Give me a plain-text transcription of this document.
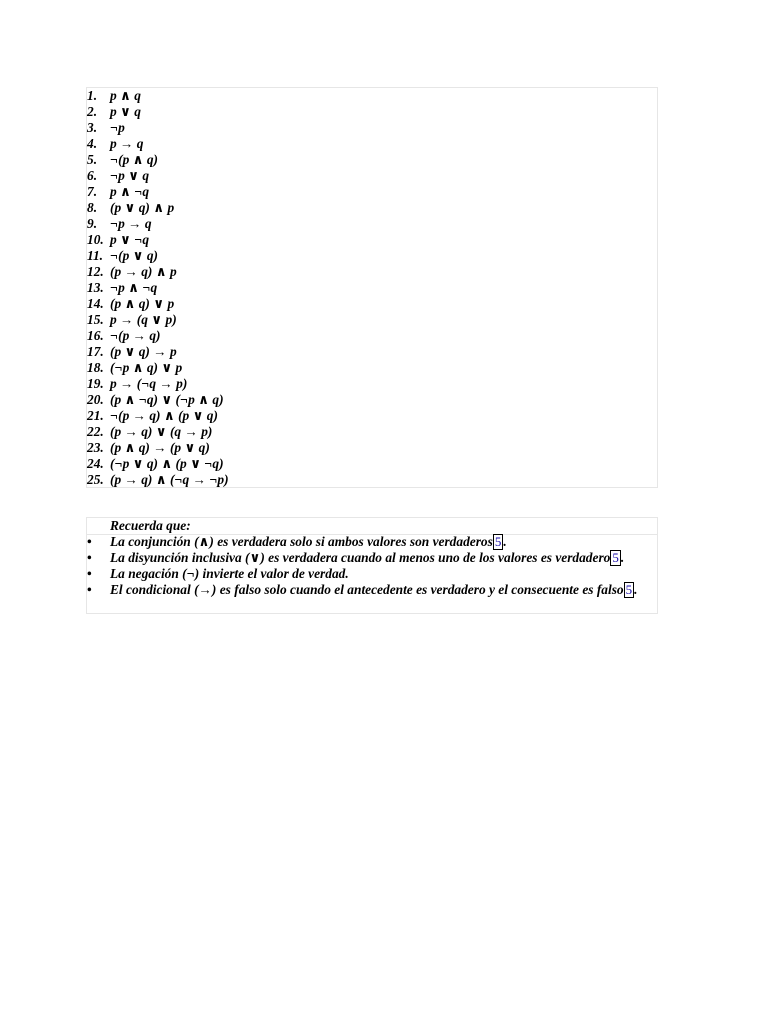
1. p ∧ q
2. p ∨ q
3. ¬p
4. p → q
5. ¬(p ∧ q)
6. ¬p ∨ q
7. p ∧ ¬q
8. (p ∨ q) ∧ p
9. ¬p → q
10. p ∨ ¬q
11. ¬(p ∨ q)
12. (p → q) ∧ p
13. ¬p ∧ ¬q
14. (p ∧ q) ∨ p
15. p → (q ∨ p)
16. ¬(p → q)
17. (p ∨ q) → p
18. (¬p ∧ q) ∨ p
19. p → (¬q → p)
20. (p ∧ ¬q) ∨ (¬p ∧ q)
21. ¬(p → q) ∧ (p ∨ q)
22. (p → q) ∨ (q → p)
23. (p ∧ q) → (p ∨ q)
24. (¬p ∨ q) ∧ (p ∨ ¬q)
25. (p → q) ∧ (¬q → ¬p)
Recuerda que:
•	La conjunción (∧) es verdadera solo si ambos valores son verdaderos 5 .
•	La disyunción inclusiva (∨) es verdadera cuando al menos uno de los valores es verdadero 5 .
•	La negación (¬) invierte el valor de verdad.
•	El condicional (→) es falso solo cuando el antecedente es verdadero y el consecuente es falso 5 .
